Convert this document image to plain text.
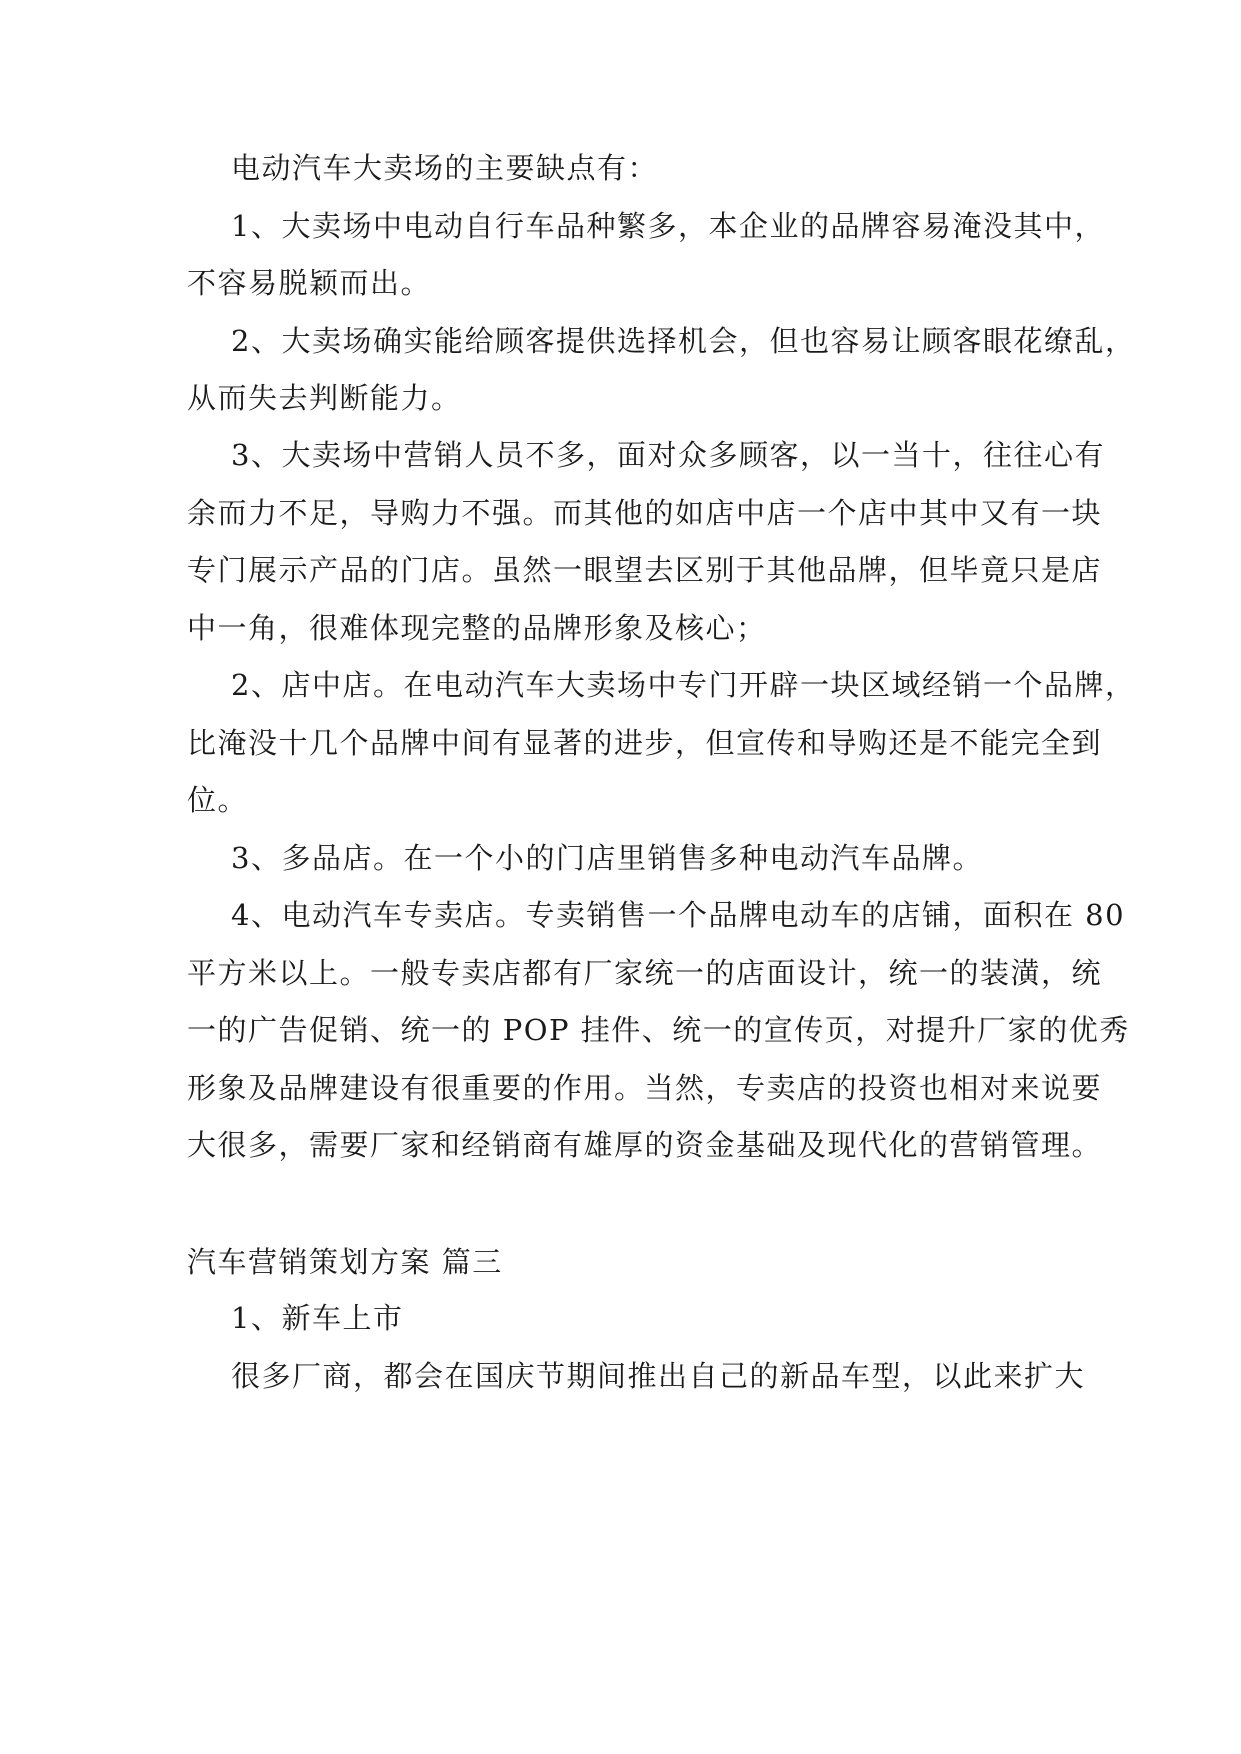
电动汽车大卖场的主要缺点有：
1、大卖场中电动自行车品种繁多，本企业的品牌容易淹没其中，
不容易脱颖而出。
2、大卖场确实能给顾客提供选择机会，但也容易让顾客眼花缭乱，
从而失去判断能力。
3、大卖场中营销人员不多，面对众多顾客，以一当十，往往心有
余而力不足，导购力不强。而其他的如店中店一个店中其中又有一块
专门展示产品的门店。虽然一眼望去区别于其他品牌，但毕竟只是店
中一角，很难体现完整的品牌形象及核心；
2、店中店。在电动汽车大卖场中专门开辟一块区域经销一个品牌，
比淹没十几个品牌中间有显著的进步，但宣传和导购还是不能完全到
位。
3、多品店。在一个小的门店里销售多种电动汽车品牌。
4、电动汽车专卖店。专卖销售一个品牌电动车的店铺，面积在 80
平方米以上。一般专卖店都有厂家统一的店面设计，统一的装潢，统
一的广告促销、统一的 POP 挂件、统一的宣传页，对提升厂家的优秀
形象及品牌建设有很重要的作用。当然，专卖店的投资也相对来说要
大很多，需要厂家和经销商有雄厚的资金基础及现代化的营销管理。
汽车营销策划方案 篇三
1、新车上市
很多厂商，都会在国庆节期间推出自己的新品车型，以此来扩大
